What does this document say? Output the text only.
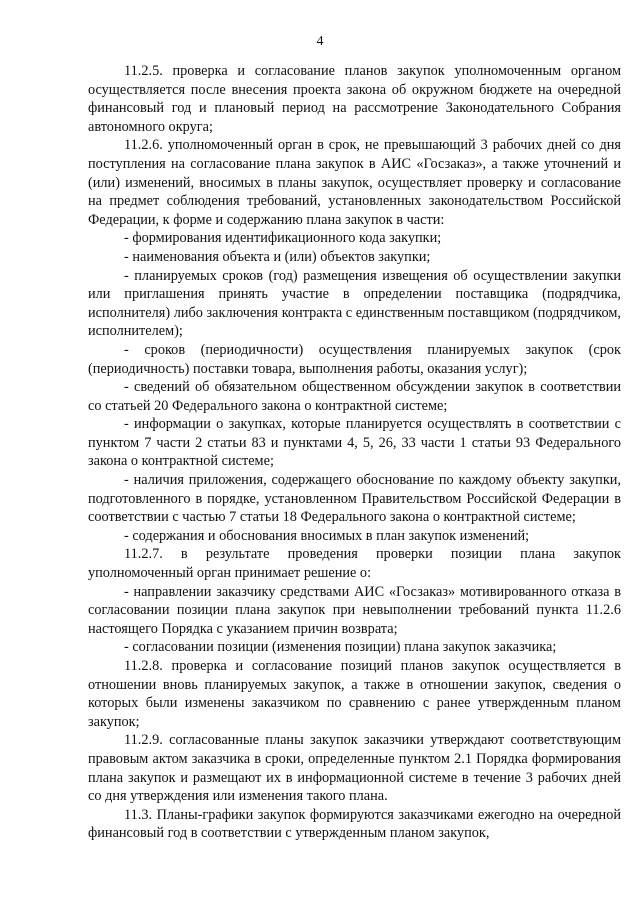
4

11.2.5. проверка и согласование планов закупок уполномоченным органом осуществляется после внесения проекта закона об окружном бюджете на очередной финансовый год и плановый период на рассмотрение Законодательного Собрания автономного округа;

11.2.6. уполномоченный орган в срок, не превышающий 3 рабочих дней со дня поступления на согласование плана закупок в АИС «Госзаказ», а также уточнений и (или) изменений, вносимых в планы закупок, осуществляет проверку и согласование на предмет соблюдения требований, установленных законодательством Российской Федерации, к форме и содержанию плана закупок в части:

- формирования идентификационного кода закупки;

- наименования объекта и (или) объектов закупки;

- планируемых сроков (год) размещения извещения об осуществлении закупки или приглашения принять участие в определении поставщика (подрядчика, исполнителя) либо заключения контракта с единственным поставщиком (подрядчиком, исполнителем);

- сроков (периодичности) осуществления планируемых закупок (срок (периодичность) поставки товара, выполнения работы, оказания услуг);

- сведений об обязательном общественном обсуждении закупок в соответствии со статьей 20 Федерального закона о контрактной системе;

- информации о закупках, которые планируется осуществлять в соответствии с пунктом 7 части 2 статьи 83 и пунктами 4, 5, 26, 33 части 1 статьи 93 Федерального закона о контрактной системе;

- наличия приложения, содержащего обоснование по каждому объекту закупки, подготовленного в порядке, установленном Правительством Российской Федерации в соответствии с частью 7 статьи 18 Федерального закона о контрактной системе;

- содержания и обоснования вносимых в план закупок изменений;

11.2.7. в результате проведения проверки позиции плана закупок уполномоченный орган принимает решение о:

- направлении заказчику средствами АИС «Госзаказ» мотивированного отказа в согласовании позиции плана закупок при невыполнении требований пункта 11.2.6 настоящего Порядка с указанием причин возврата;

- согласовании позиции (изменения позиции) плана закупок заказчика;

11.2.8. проверка и согласование позиций планов закупок осуществляется в отношении вновь планируемых закупок, а также в отношении закупок, сведения о которых были изменены заказчиком по сравнению с ранее утвержденным планом закупок;

11.2.9. согласованные планы закупок заказчики утверждают соответствующим правовым актом заказчика в сроки, определенные пунктом 2.1 Порядка формирования плана закупок и размещают их в информационной системе в течение 3 рабочих дней со дня утверждения или изменения такого плана.

11.3. Планы-графики закупок формируются заказчиками ежегодно на очередной финансовый год в соответствии с утвержденным планом закупок,
